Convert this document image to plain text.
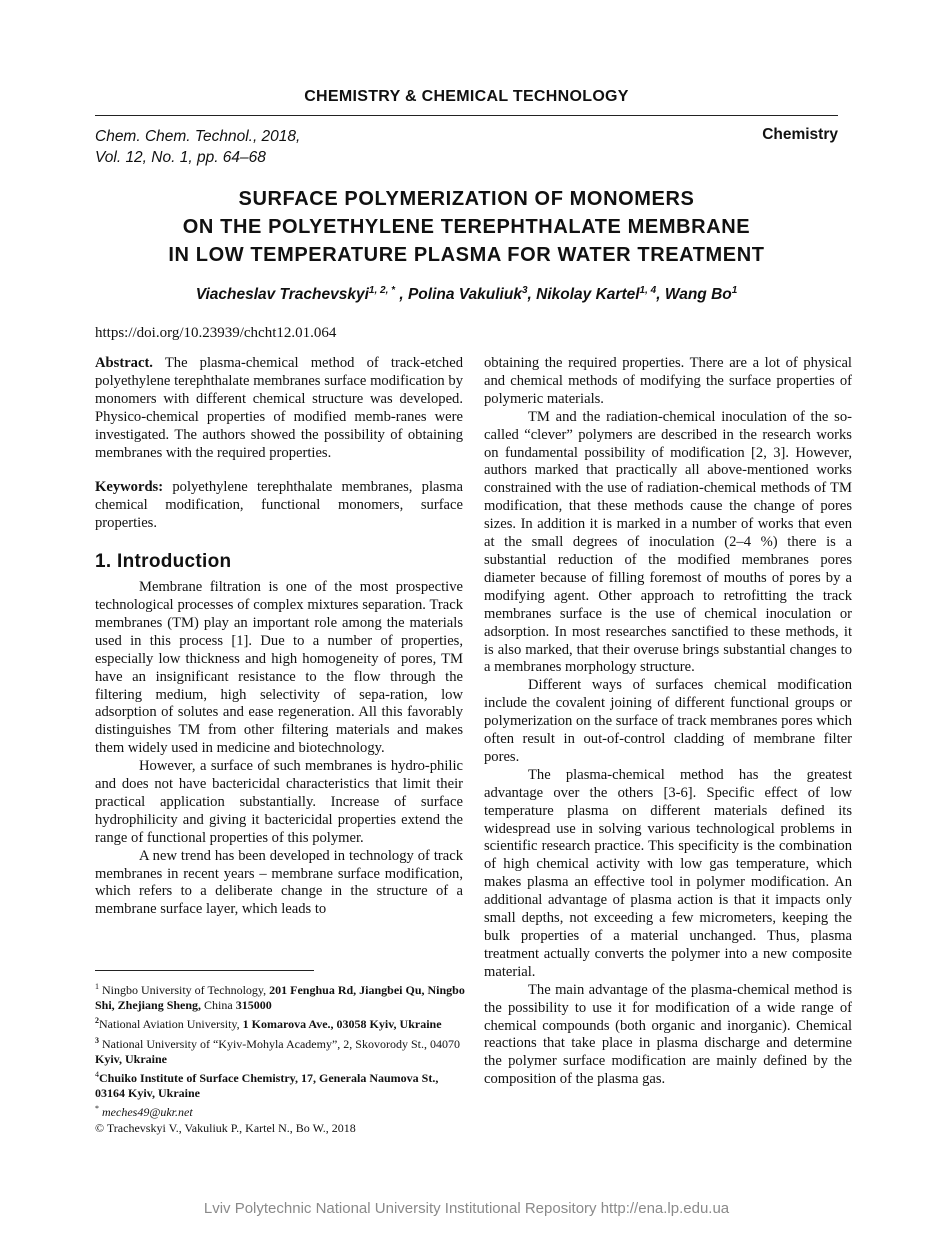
CHEMISTRY & CHEMICAL TECHNOLOGY
Chem. Chem. Technol., 2018,
Vol. 12, No. 1, pp. 64–68
Chemistry
SURFACE POLYMERIZATION OF MONOMERS
ON THE POLYETHYLENE TEREPHTHALATE MEMBRANE
IN LOW TEMPERATURE PLASMA FOR WATER TREATMENT
Viacheslav Trachevskyi$^{1, 2, *}$ , Polina Vakuliuk$^3$, Nikolay Kartel$^{1, 4}$, Wang Bo$^1$
https://doi.org/10.23939/chcht12.01.064

Abstract. The plasma-chemical method of track-etched polyethylene terephthalate membranes surface modification by monomers with different chemical structure was developed. Physico-chemical properties of modified memb-ranes were investigated. The authors showed the possibility of obtaining membranes with the required properties.

Keywords: polyethylene terephthalate membranes, plasma chemical modification, functional monomers, surface properties.

1. Introduction

Membrane filtration is one of the most prospective technological processes of complex mixtures separation. Track membranes (TM) play an important role among the materials used in this process [1]. Due to a number of properties, especially low thickness and high homogeneity of pores, TM have an insignificant resistance to the flow through the filtering medium, high selectivity of sepa-ration, low adsorption of solutes and ease regeneration. All this favorably distinguishes TM from other filtering materials and makes them widely used in medicine and biotechnology.

However, a surface of such membranes is hydro-philic and does not have bactericidal characteristics that limit their practical application substantially. Increase of surface hydrophilicity and giving it bactericidal properties extend the range of functional properties of this polymer.

A new trend has been developed in technology of track membranes in recent years – membrane surface modification, which refers to a deliberate change in the structure of a membrane surface layer, which leads to

obtaining the required properties. There are a lot of physical and chemical methods of modifying the surface properties of polymeric materials.

TM and the radiation-chemical inoculation of the so-called “clever” polymers are described in the research works on fundamental possibility of modification [2, 3]. However, authors marked that practically all above-mentioned works constrained with the use of radiation-chemical methods of TM modification, that these methods cause the change of pores sizes. In addition it is marked in a number of works that even at the small degrees of inoculation (2–4 %) there is a substantial reduction of the modified membranes pores diameter because of filling foremost of mouths of pores by a modifying agent. Other approach to retrofitting the track membranes surface is the use of chemical inoculation or adsorption. In most researches sanctified to these methods, it is also marked, that their overuse brings substantial changes to a membranes morphology structure.

Different ways of surfaces chemical modification include the covalent joining of different functional groups or polymerization on the surface of track membranes pores which often result in out-of-control cladding of membrane filter pores.

The plasma-chemical method has the greatest advantage over the others [3-6]. Specific effect of low temperature plasma on different materials defined its widespread use in solving various technological problems in scientific research practice. This specificity is the combination of high chemical activity with low gas temperature, which makes plasma an effective tool in polymer modification. An additional advantage of plasma action is that it impacts only small depths, not exceeding a few micrometers, keeping the bulk properties of a material unchanged. Thus, plasma treatment actually converts the polymer into a new composite material.

The main advantage of the plasma-chemical method is the possibility to use it for modification of a wide range of chemical compounds (both organic and inorganic). Chemical reactions that take place in plasma discharge and determine the polymer surface modification are mainly defined by the composition of the plasma gas.

$^1$ Ningbo University of Technology, 201 Fenghua Rd, Jiangbei Qu, Ningbo Shi, Zhejiang Sheng, China 315000

$^2$National Aviation University, 1 Komarova Ave., 03058 Kyiv, Ukraine

$^3$ National University of “Kyiv-Mohyla Academy”, 2, Skovorody St., 04070 Kyiv, Ukraine

$^4$Chuiko Institute of Surface Chemistry, 17, Generala Naumova St., 03164 Kyiv, Ukraine

* meches49@ukr.net

© Trachevskyi V., Vakuliuk P., Kartel N., Bo W., 2018

Lviv Polytechnic National University Institutional Repository http://ena.lp.edu.ua
